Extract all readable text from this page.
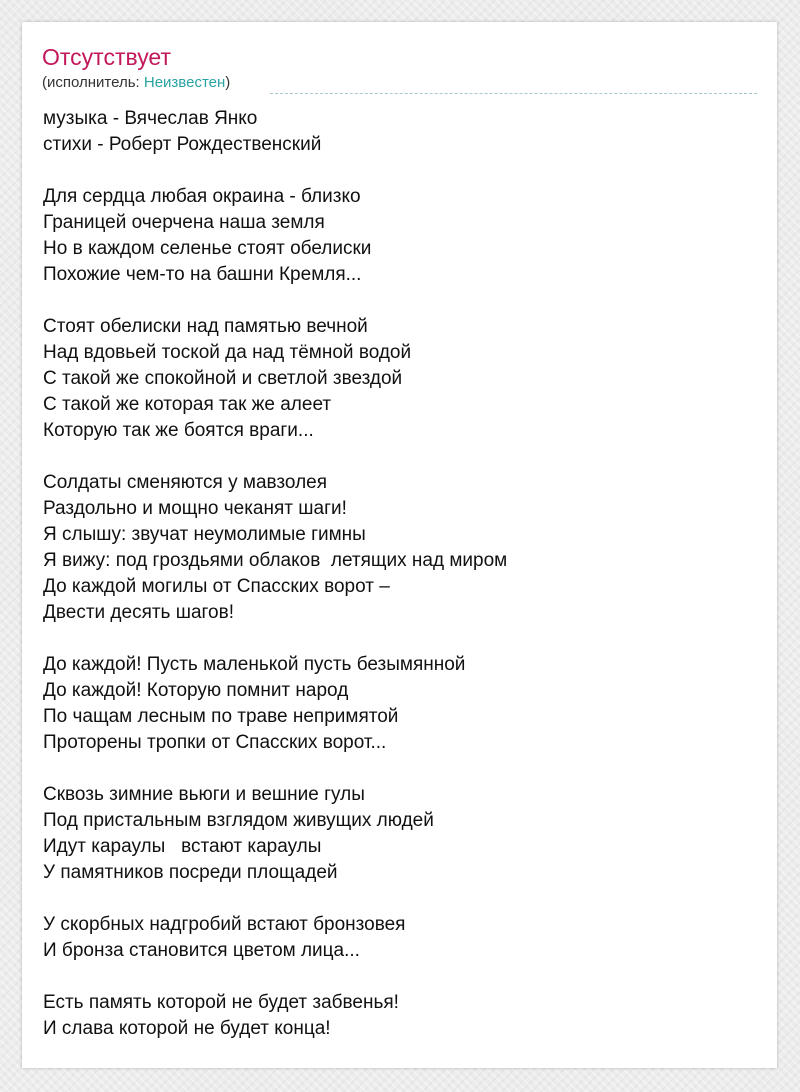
Отсутствует
(исполнитель: Неизвестен)
музыка - Вячеслав Янко
стихи - Роберт Рождественский
Для сердца любая окраина - близко
Границей очерчена наша земля
Но в каждом селенье стоят обелиски
Похожие чем-то на башни Кремля...
Стоят обелиски над памятью вечной
Над вдовьей тоской да над тёмной водой
С такой же спокойной и светлой звездой
С такой же которая так же алеет
Которую так же боятся враги...
Солдаты сменяются у мавзолея
Раздольно и мощно чеканят шаги!
Я слышу: звучат неумолимые гимны
Я вижу: под гроздьями облаков  летящих над миром
До каждой могилы от Спасских ворот –
Двести десять шагов!
До каждой! Пусть маленькой пусть безымянной
До каждой! Которую помнит народ
По чащам лесным по траве непримятой
Проторены тропки от Спасских ворот...
Сквозь зимние вьюги и вешние гулы
Под пристальным взглядом живущих людей
Идут караулы   встают караулы
У памятников посреди площадей
У скорбных надгробий встают бронзовея
И бронза становится цветом лица...
Есть память которой не будет забвенья!
И слава которой не будет конца!
